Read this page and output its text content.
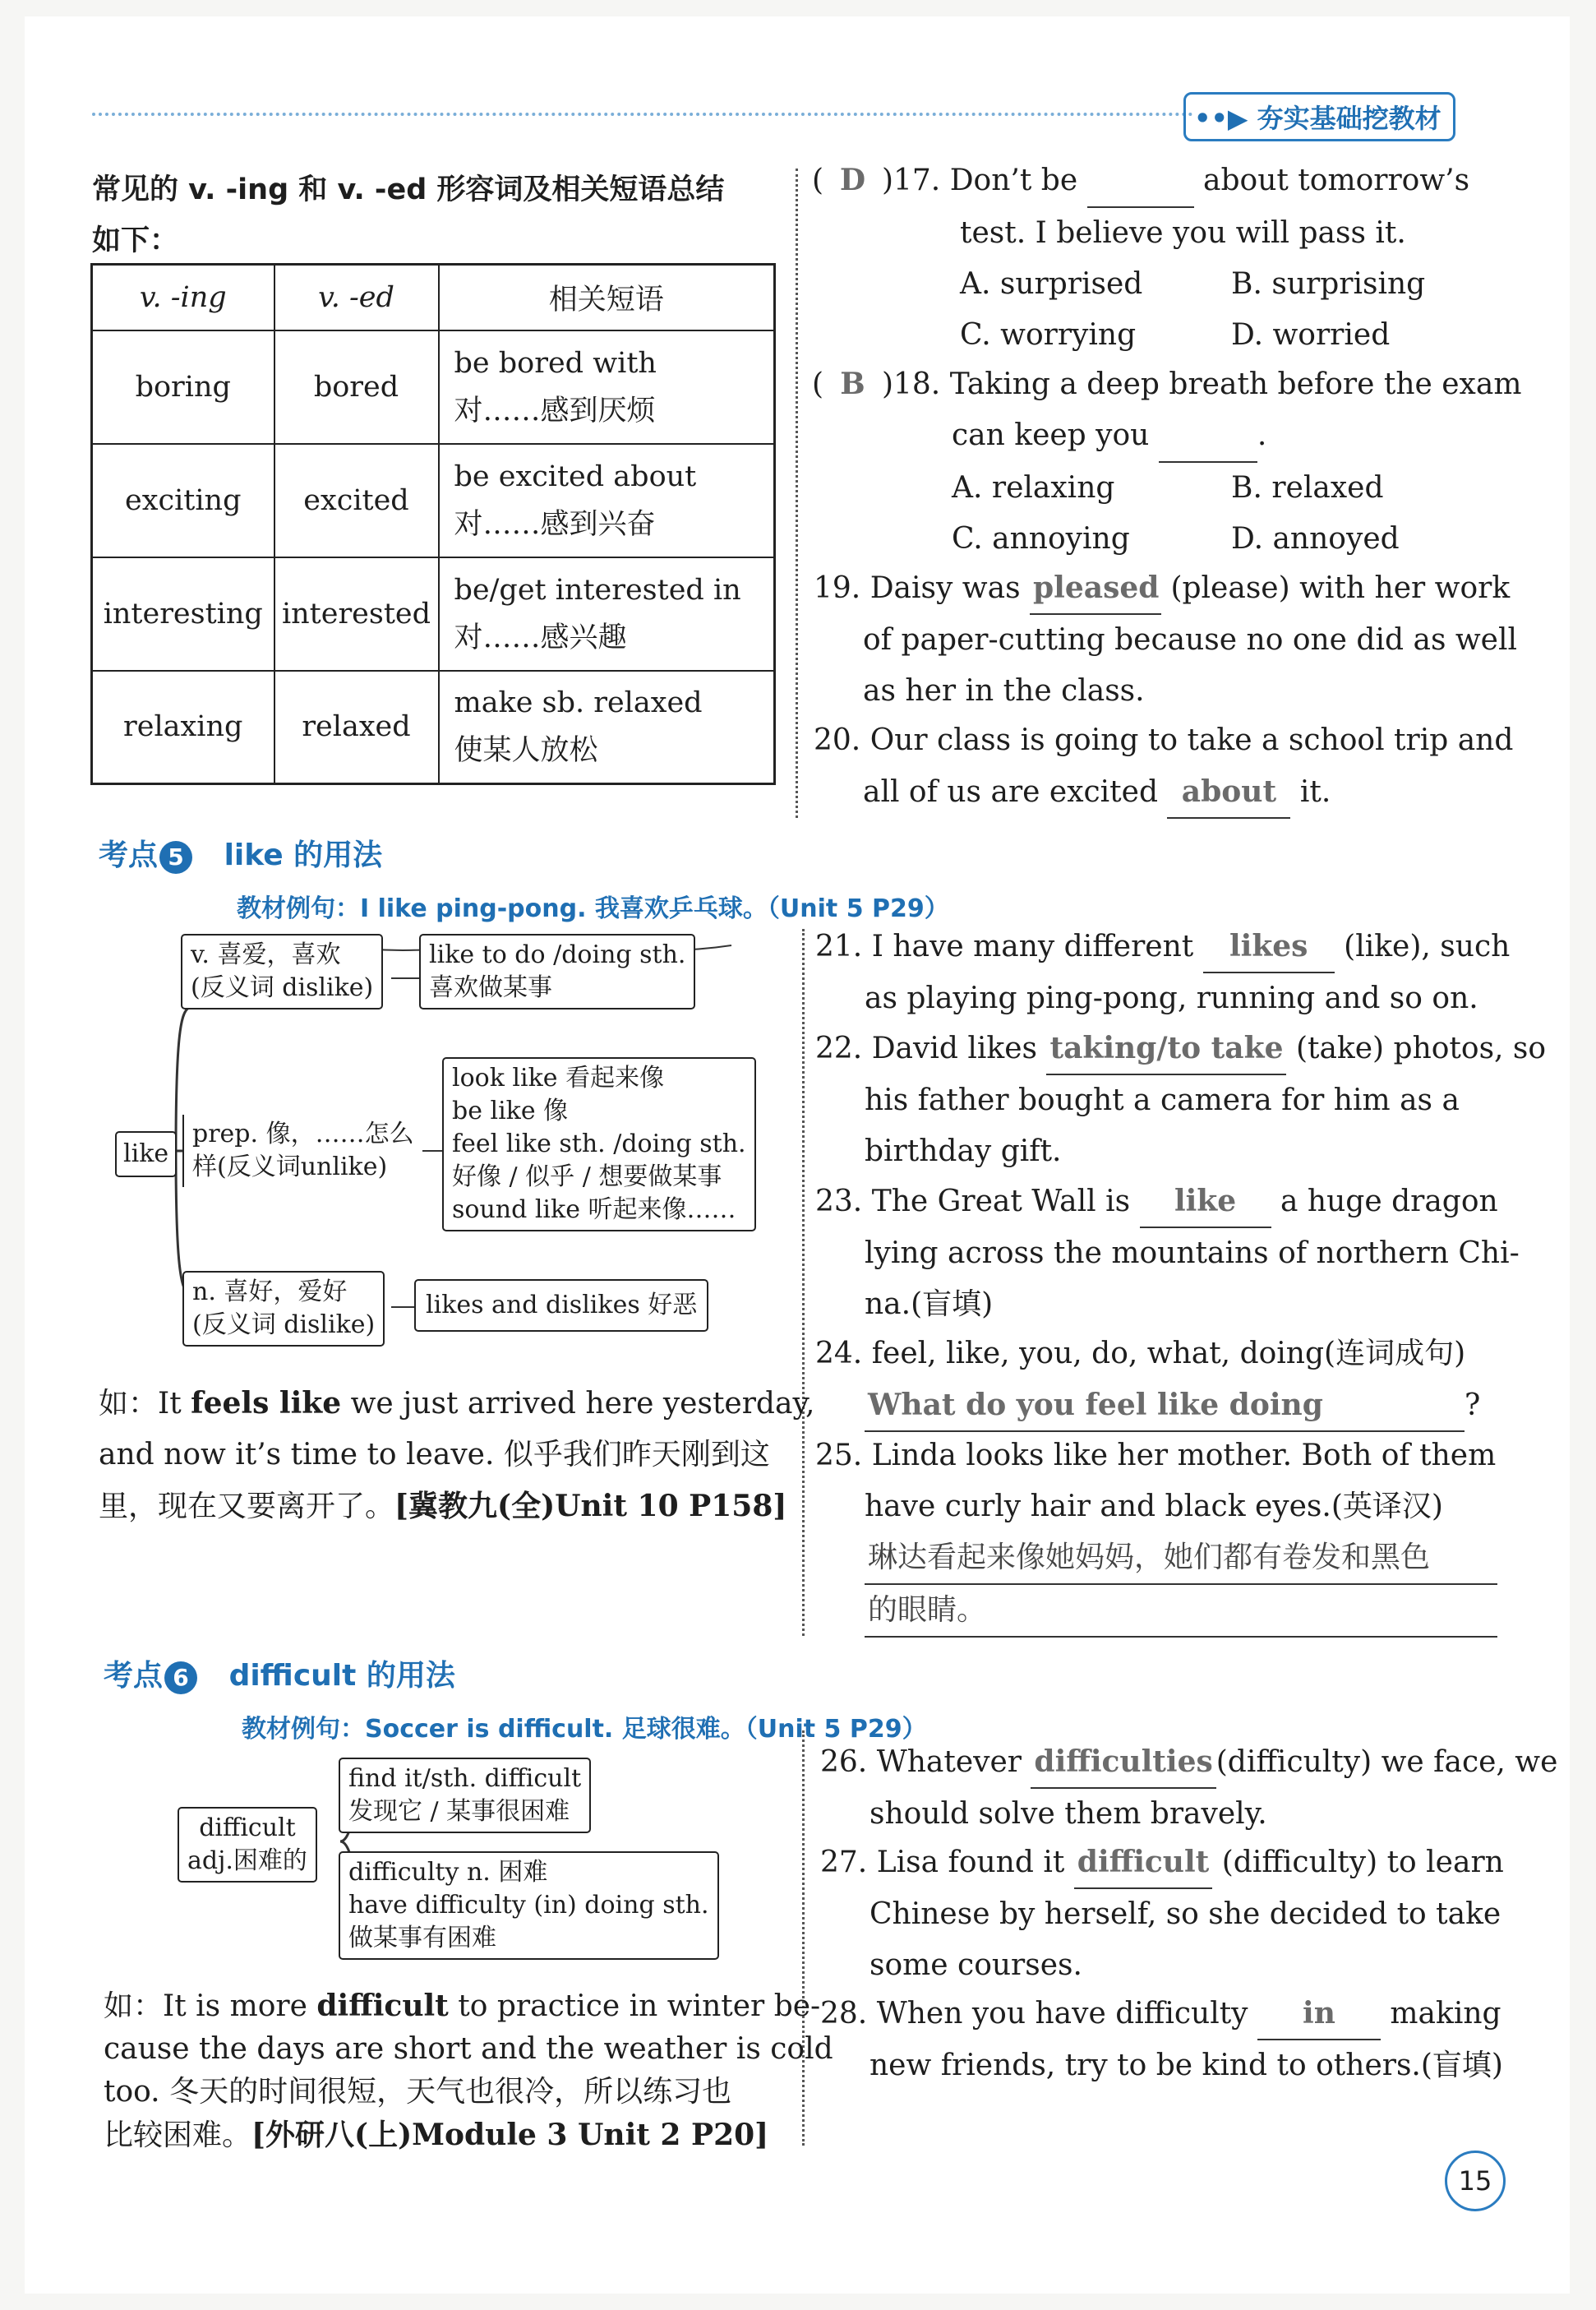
••▶ 夯实基础挖教材
常见的 v. -ing 和 v. -ed 形容词及相关短语总结
如下：
v. -ing	v. -ed	相关短语
boring	bored	be bored with
对……感到厌烦

exciting	excited	be excited about
对……感到兴奋

interesting	interested	be/get interested in
对……感兴趣

relaxing	relaxed	make sb. relaxed
使某人放松

( D )17. Don’t be	about tomorrow’s

test. I believe you will pass it.

A. surprised	B. surprising

C. worrying	D. worried

( B )18. Taking a deep breath before the exam

can keep you	.

A. relaxing	B. relaxed

C. annoying	D. annoyed

19. Daisy was pleased (please) with her work

of paper-cutting because no one did as well

as her in the class.

20. Our class is going to take a school trip and

all of us are excited about it.

考点 5 like 的用法
教材例句：I like ping-pong. 我喜欢乒乓球。（Unit 5 P29）
like
v. 喜爱，喜欢
(反义词 dislike)
like to do /doing sth.
喜欢做某事
prep. 像，……怎么
样(反义词unlike)
look like 看起来像
be like 像
feel like sth. /doing sth.
好像 / 似乎 / 想要做某事
sound like 听起来像……
n. 喜好，爱好
(反义词 dislike)
likes and dislikes 好恶
如：It feels like we just arrived here yesterday,
and now it’s time to leave. 似乎我们昨天刚到这
里，现在又要离开了。[冀教九(全)Unit 10 P158]

21. I have many different likes (like), such

as playing ping-pong, running and so on.

22. David likes taking/to take (take) photos, so

his father bought a camera for him as a

birthday gift.

23. The Great Wall is like a huge dragon

lying across the mountains of northern Chi-

na.(盲填)

24. feel, like, you, do, what, doing(连词成句)

What do you feel like doing	?

25. Linda looks like her mother. Both of them

have curly hair and black eyes.(英译汉)

琳达看起来像她妈妈，她们都有卷发和黑色

的眼睛。

考点 6 difficult 的用法
教材例句：Soccer is difficult. 足球很难。（Unit 5 P29）
difficult
adj.困难的
find it/sth. difficult
发现它 / 某事很困难
difficulty n. 困难
have difficulty (in) doing sth.
做某事有困难
如：It is more difficult to practice in winter be-
cause the days are short and the weather is cold
too. 冬天的时间很短，天气也很冷，所以练习也
比较困难。[外研八(上)Module 3 Unit 2 P20]

26. Whatever difficulties (difficulty) we face, we

should solve them bravely.

27. Lisa found it difficult (difficulty) to learn

Chinese by herself, so she decided to take

some courses.

28. When you have difficulty in making

new friends, try to be kind to others.(盲填)

15
